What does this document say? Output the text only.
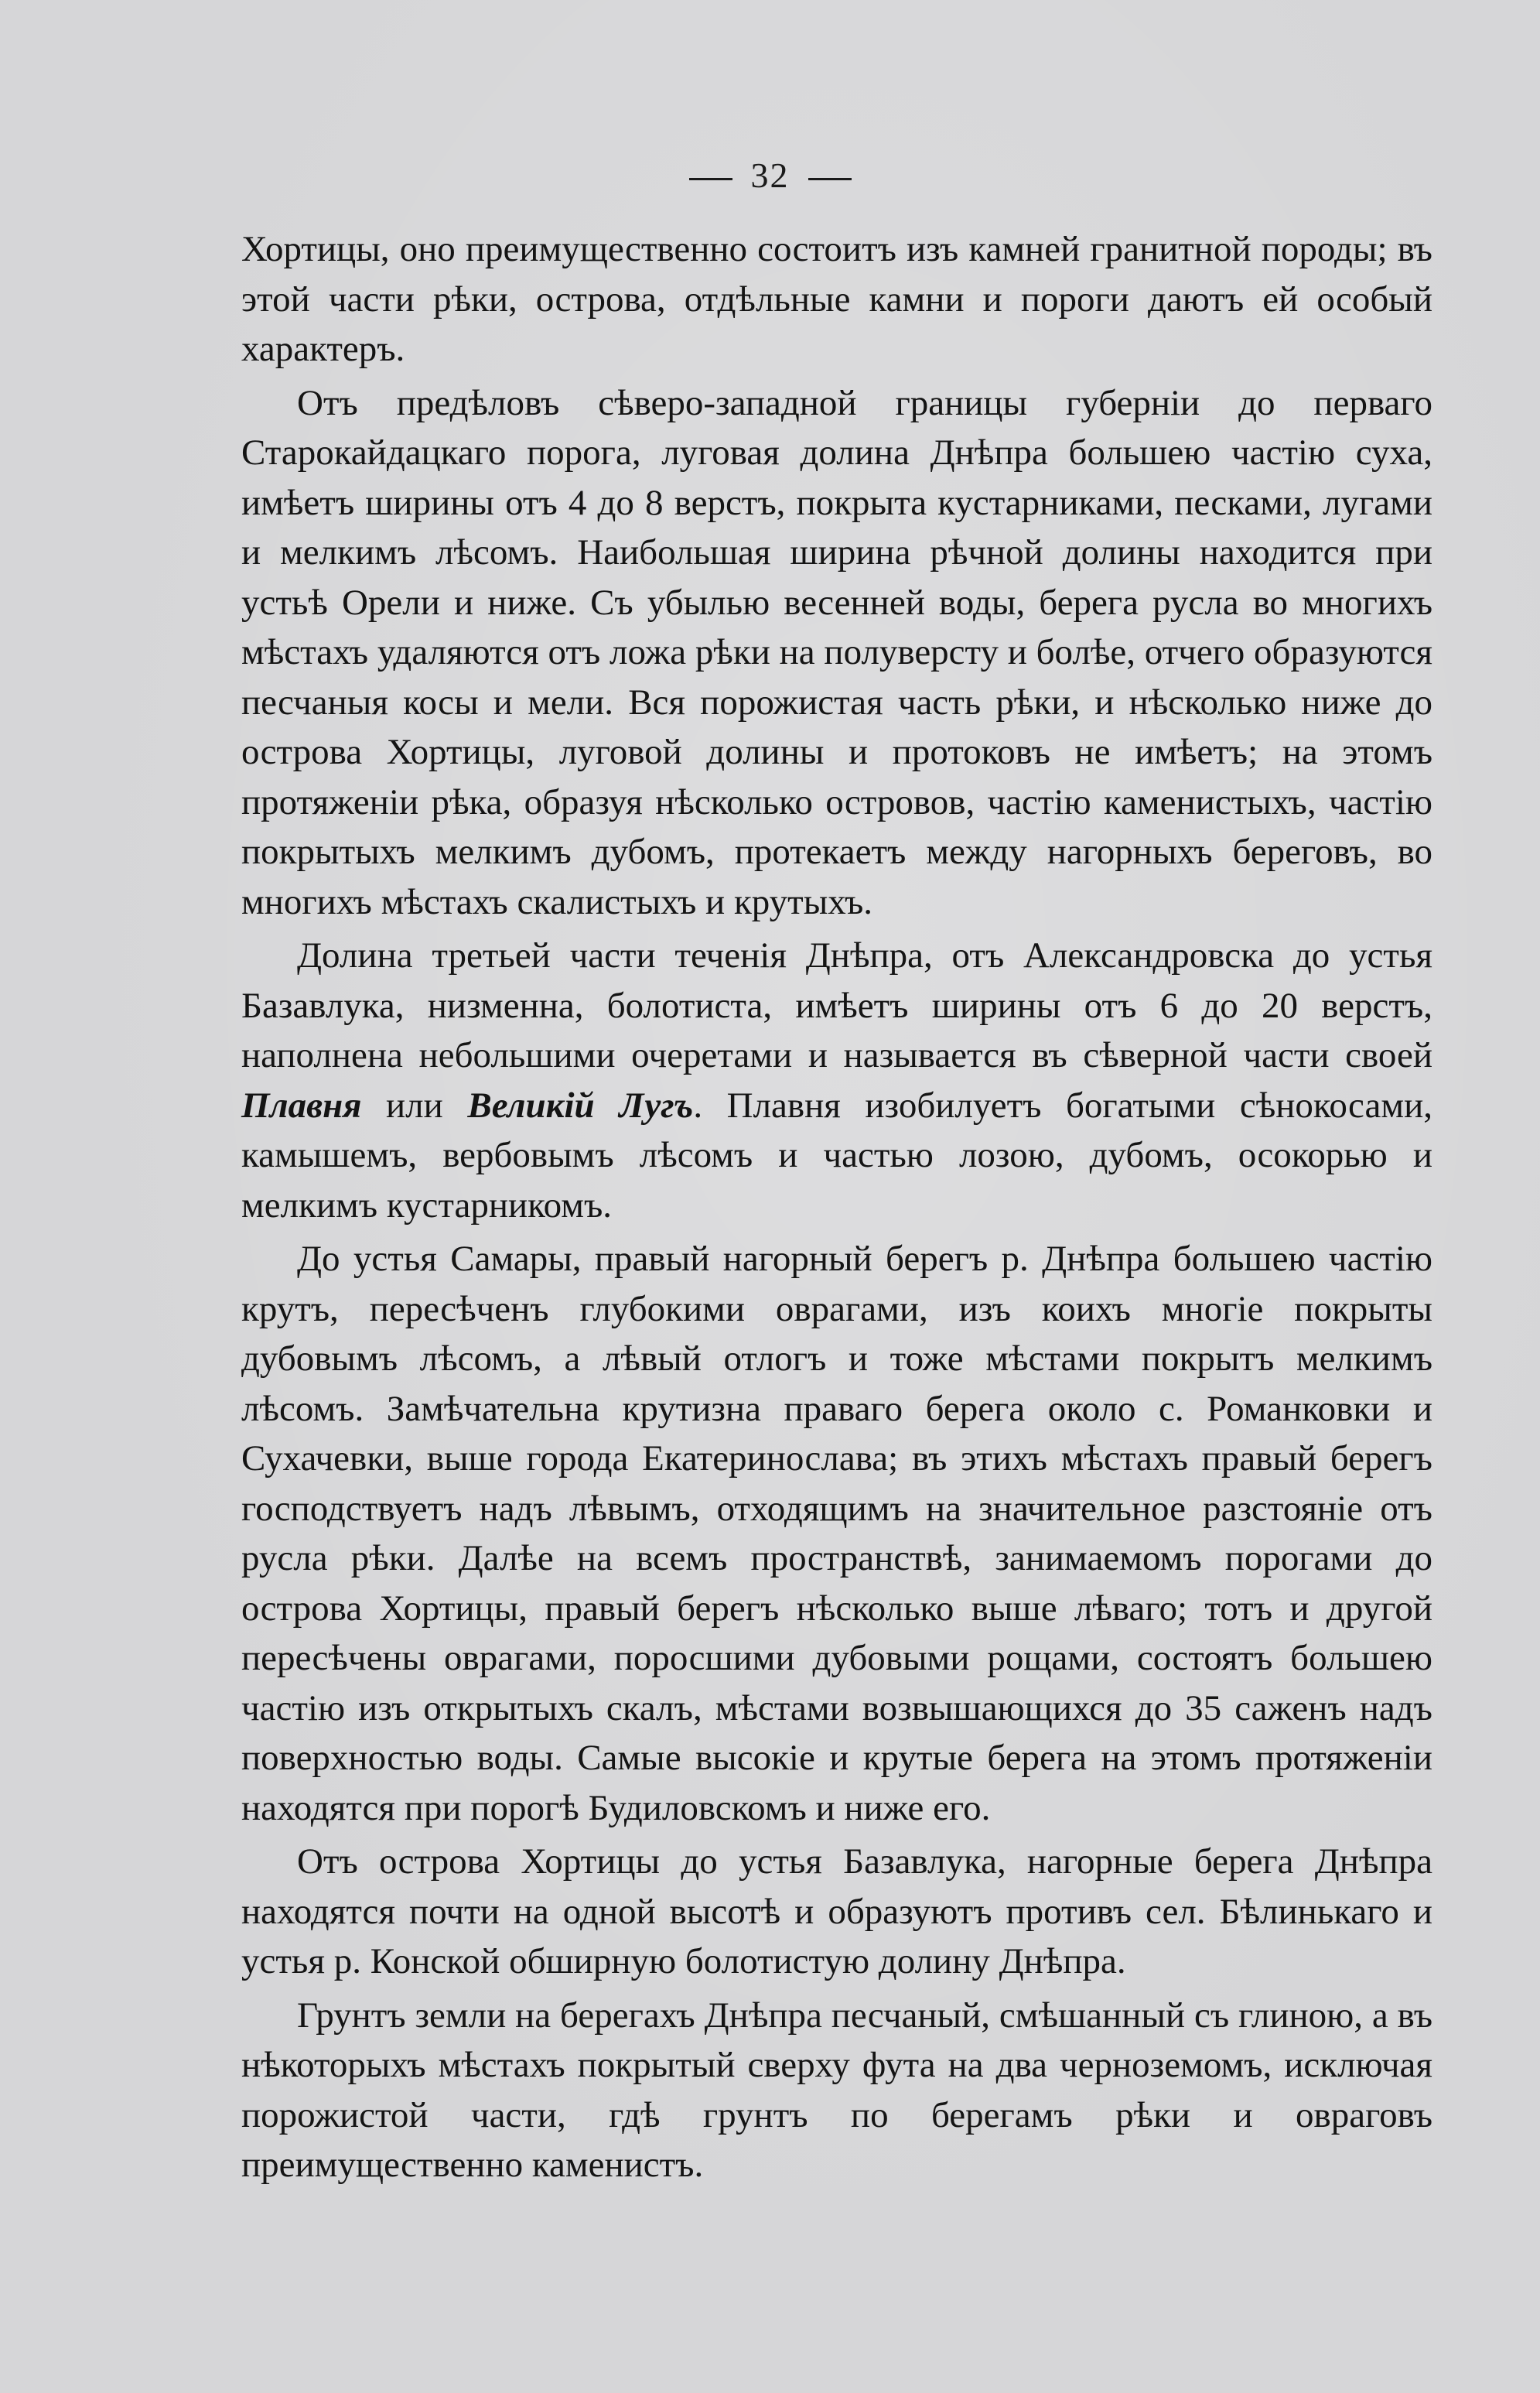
32

Хортицы, оно преимущественно состоитъ изъ камней гранитной породы; въ этой части рѣки, острова, отдѣльные камни и пороги даютъ ей особый характеръ.

Отъ предѣловъ сѣверо-западной границы губерніи до перваго Старокайдацкаго порога, луговая долина Днѣпра большею частію суха, имѣетъ ширины отъ 4 до 8 верстъ, покрыта кустарниками, песками, лугами и мелкимъ лѣсомъ. Наибольшая ширина рѣчной долины находится при устьѣ Орели и ниже. Съ убылью весенней воды, берега русла во многихъ мѣстахъ удаляются отъ ложа рѣки на полуверсту и болѣе, отчего образуются песчаныя косы и мели. Вся порожистая часть рѣки, и нѣсколько ниже до острова Хортицы, луговой долины и протоковъ не имѣетъ; на этомъ протяженіи рѣка, образуя нѣсколько островов, частію каменистыхъ, частію покрытыхъ мелкимъ дубомъ, протекаетъ между нагорныхъ береговъ, во многихъ мѣстахъ скалистыхъ и крутыхъ.

Долина третьей части теченія Днѣпра, отъ Александровска до устья Базавлука, низменна, болотиста, имѣетъ ширины отъ 6 до 20 верстъ, наполнена небольшими очеретами и называется въ сѣверной части своей Плавня или Великій Лугъ. Плавня изобилуетъ богатыми сѣнокосами, камышемъ, вербовымъ лѣсомъ и частью лозою, дубомъ, осокорью и мелкимъ кустарникомъ.

До устья Самары, правый нагорный берегъ р. Днѣпра большею частію крутъ, пересѣченъ глубокими оврагами, изъ коихъ многіе покрыты дубовымъ лѣсомъ, а лѣвый отлогъ и тоже мѣстами покрытъ мелкимъ лѣсомъ. Замѣчательна крутизна праваго берега около с. Романковки и Сухачевки, выше города Екатеринослава; въ этихъ мѣстахъ правый берегъ господствуетъ надъ лѣвымъ, отходящимъ на значительное разстояніе отъ русла рѣки. Далѣе на всемъ пространствѣ, занимаемомъ порогами до острова Хортицы, правый берегъ нѣсколько выше лѣваго; тотъ и другой пересѣчены оврагами, поросшими дубовыми рощами, состоятъ большею частію изъ открытыхъ скалъ, мѣстами возвышающихся до 35 саженъ надъ поверхностью воды. Самые высокіе и крутые берега на этомъ протяженіи находятся при порогѣ Будиловскомъ и ниже его.

Отъ острова Хортицы до устья Базавлука, нагорные берега Днѣпра находятся почти на одной высотѣ и образуютъ противъ сел. Бѣлинькаго и устья р. Конской обширную болотистую долину Днѣпра.

Грунтъ земли на берегахъ Днѣпра песчаный, смѣшанный съ глиною, а въ нѣкоторыхъ мѣстахъ покрытый сверху фута на два черноземомъ, исключая порожистой части, гдѣ грунтъ по берегамъ рѣки и овраговъ преимущественно каменистъ.
